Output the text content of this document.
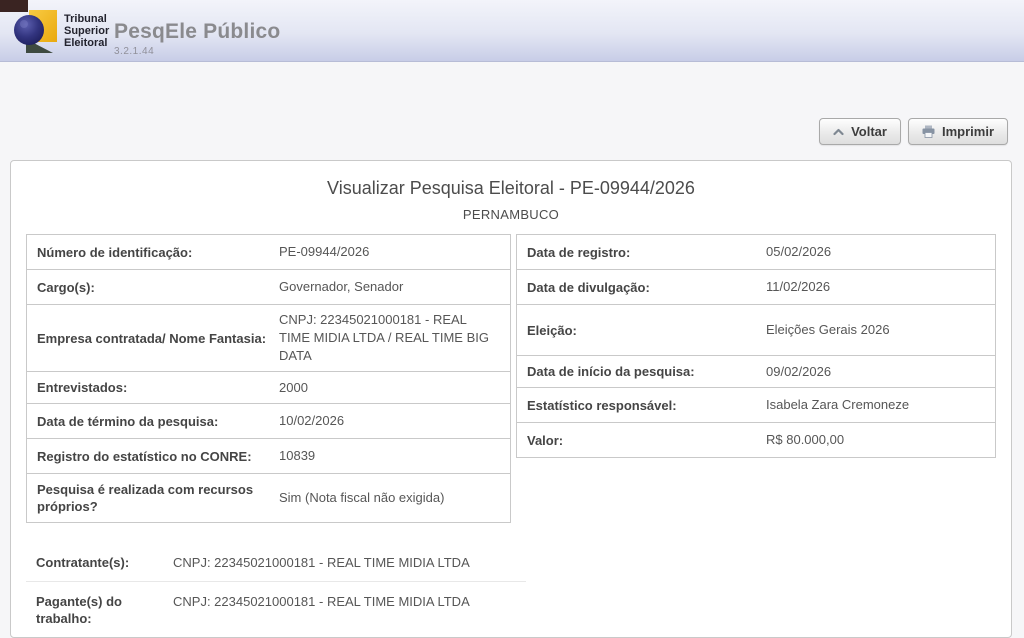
Tribunal
Superior
Eleitoral PesqEle Público
3.2.1.44
Voltar	Imprimir
Visualizar Pesquisa Eleitoral - PE-09944/2026
PERNAMBUCO
Número de identificação:	PE-09944/2026
Cargo(s):	Governador, Senador
Empresa contratada/ Nome Fantasia:
CNPJ: 22345021000181 - REAL TIME MIDIA LTDA / REAL TIME BIG DATA
Entrevistados:	2000
Data de término da pesquisa:	10/02/2026
Registro do estatístico no CONRE:	10839
Pesquisa é realizada com recursos próprios?
Sim (Nota fiscal não exigida)
Data de registro:	05/02/2026
Data de divulgação:	11/02/2026
Eleição:	Eleições Gerais 2026
Data de início da pesquisa:	09/02/2026
Estatístico responsável:	Isabela Zara Cremoneze
Valor:	R$ 80.000,00
Contratante(s):	CNPJ: 22345021000181 - REAL TIME MIDIA LTDA
Pagante(s) do trabalho:
CNPJ: 22345021000181 - REAL TIME MIDIA LTDA
